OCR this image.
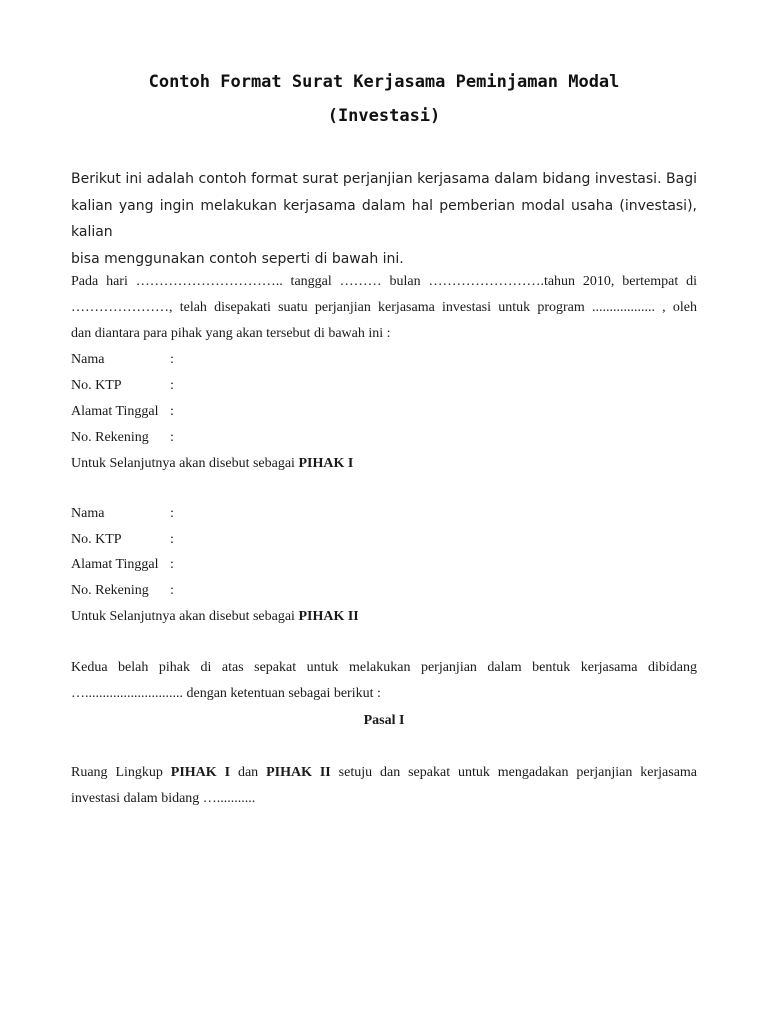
Contoh Format Surat Kerjasama Peminjaman Modal
(Investasi)
Berikut ini adalah contoh format surat perjanjian kerjasama dalam bidang investasi. Bagi
kalian yang ingin melakukan kerjasama dalam hal pemberian modal usaha (investasi), kalian
bisa menggunakan contoh seperti di bawah ini.
Pada hari ………………………….. tanggal ……… bulan …………………….tahun 2010, bertempat di
…………………, telah disepakati suatu perjanjian kerjasama investasi untuk program .................. , oleh
dan diantara para pihak yang akan tersebut di bawah ini :
Nama	:
No. KTP	:
Alamat Tinggal :
No. Rekening :
Untuk Selanjutnya akan disebut sebagai PIHAK I
Nama	:
No. KTP	:
Alamat Tinggal :
No. Rekening :
Untuk Selanjutnya akan disebut sebagai PIHAK II
Kedua belah pihak di atas sepakat untuk melakukan perjanjian dalam bentuk kerjasama dibidang
…............................ dengan ketentuan sebagai berikut :
Pasal I
Ruang Lingkup PIHAK I dan PIHAK II setuju dan sepakat untuk mengadakan perjanjian kerjasama
investasi dalam bidang …...........
